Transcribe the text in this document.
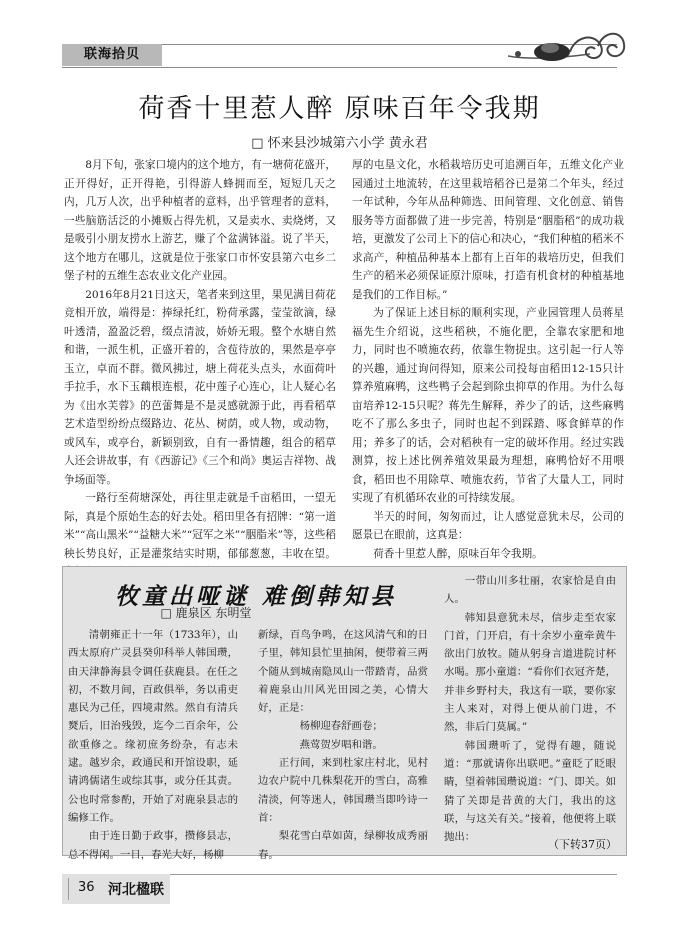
联海拾贝
荷香十里惹人醉 原味百年令我期
□ 怀来县沙城第六小学 黄永君

8月下旬，张家口境内的这个地方，有一塘荷花盛开，正开得好，正开得艳，引得游人蜂拥而至，短短几天之内，几万人次，出乎种植者的意料，出乎管理者的意料，一些脑筋活泛的小摊贩占得先机，又是卖水、卖烧烤，又是吸引小朋友捞水上游艺，赚了个盆满钵溢。说了半天，这个地方在哪儿，这就是位于张家口市怀安县第六屯乡二堡子村的五维生态农业文化产业园。

2016年8月21日这天，笔者来到这里，果见满目荷花竞相开放，端得是：捧绿托红，粉荷承露，莹莹欲滴，绿叶透清，盈盈泛碧，缀点清波，娇娇无瑕。整个水塘自然和谐，一派生机，正盛开着的，含苞待放的，果然是亭亭玉立，卓而不群。微风拂过，塘上荷花头点头，水面荷叶手拉手，水下玉藕根连根，花中莲子心连心，让人疑心名为《出水芙蓉》的芭蕾舞是不是灵感就源于此，再看稻草艺术造型纷纷点缀路边、花丛、树荫，或人物，或动物，或风车，或亭台，新颖别致，自有一番情趣，组合的稻草人还会讲故事，有《西游记》《三个和尚》奥运吉祥物、战争场面等。

一路行至荷塘深处，再往里走就是千亩稻田，一望无际，真是个原始生态的好去处。稻田里各有招牌：“第一道米”“高山黑米”“益糖大米”“冠军之米”“胭脂米”等，这些稻秧长势良好，正是灌浆结实时期，郁郁葱葱，丰收在望。

厚的屯垦文化，水稻栽培历史可追溯百年，五维文化产业园通过土地流转，在这里栽培稻谷已是第二个年头，经过一年试种，今年从品种筛选、田间管理、文化创意、销售服务等方面都做了进一步完善，特别是“胭脂稻”的成功栽培，更激发了公司上下的信心和决心，“我们种植的稻米不求高产，种植品种基本上都有上百年的栽培历史，但我们生产的稻米必须保证原汁原味，打造有机食材的种植基地是我们的工作目标。”

为了保证上述目标的顺利实现，产业园管理人员蒋星福先生介绍说，这些稻秧，不施化肥，全靠农家肥和地力，同时也不喷施农药，依靠生物捉虫。这引起一行人等的兴趣，通过询问得知，原来公司投每亩稻田12-15只计算养殖麻鸭，这些鸭子会起到除虫抑草的作用。为什么每亩培养12-15只呢？蒋先生解释，养少了的话，这些麻鸭吃不了那么多虫子，同时也起不到踩踏、啄食鲜草的作用；养多了的话，会对稻秧有一定的破坏作用。经过实践测算，按上述比例养殖效果最为理想，麻鸭恰好不用喂食，稻田也不用除草、喷施农药，节省了大量人工，同时实现了有机循环农业的可持续发展。

半天的时间，匆匆而过，让人感觉意犹未尽，公司的愿景已在眼前，这真是：

荷香十里惹人醉，原味百年令我期。

牧童出哑谜 难倒韩知县
□ 鹿泉区 东明堂

清朝雍正十一年（1733年），山西太原府广灵县癸卯科举人韩国瓒，由天津静海县令调任获鹿县。在任之初，不数月间，百政俱举，务以甫吏惠民为己任，四境肃然。然自有清兵燹后，旧治残毁，迄今二百余年，公欲重修之。缘初庶务纷杂，有志未逮。越岁余，政通民和开馆设职，延请鸿儒诸生或综其事，或分任其责。公也时常参酌，开始了对鹿泉县志的编修工作。

由于连日勤于政事，攒修县志，总不得闲。一日，春光大好，杨柳

新绿，百鸟争鸣，在这风清气和的日子里，韩知县忙里抽闲，便带着三两个随从到城南隐凤山一带踏青，品赏着鹿泉山川风光田园之美，心情大好，正是：

杨柳迎春舒画卷；

燕莺贺岁唱和谐。

正行间，来到杜家庄村北，见村边农户院中几株梨花开的雪白，高雅清淡，何等迷人，韩国瓒当即吟诗一首：

梨花雪白草如茵，绿柳妆成秀丽春。

一带山川多壮丽，农家恰是自由人。

韩知县意犹未尽，信步走至农家门首，门开启，有十余岁小童牵黄牛欲出门放牧。随从躬身言道进院讨杯水喝。那小童道：“看你们衣冠齐楚，并非乡野村夫，我这有一联，要你家主人来对，对得上便从前门进，不然，非后门莫属。”

韩国瓒听了，觉得有趣，随说道：“那就请你出联吧。”童眨了眨眼睛，望着韩国瓒说道：“门、即关。如猜了关即是昔黄的大门，我出的这联，与这关有关。”接着，他便将上联抛出：

（下转37页）
36 河北楹联
